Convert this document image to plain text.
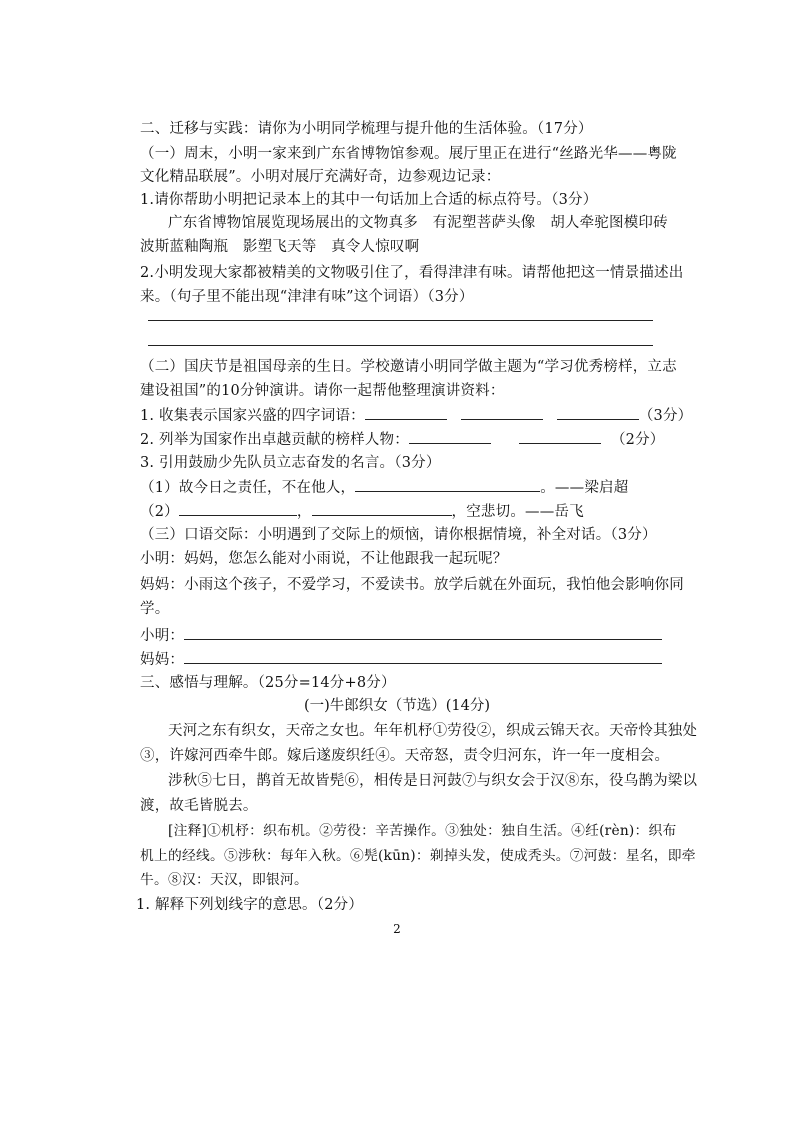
二、迁移与实践：请你为小明同学梳理与提升他的生活体验。（17分）
（一）周末，小明一家来到广东省博物馆参观。展厅里正在进行“丝路光华——粤陇
文化精品联展”。小明对展厅充满好奇，边参观边记录：
1.请你帮助小明把记录本上的其中一句话加上合适的标点符号。（3分）
广东省博物馆展览现场展出的文物真多　有泥塑菩萨头像　胡人牵驼图模印砖
波斯蓝釉陶瓶　影塑飞天等　真令人惊叹啊
2.小明发现大家都被精美的文物吸引住了，看得津津有味。请帮他把这一情景描述出
来。（句子里不能出现“津津有味”这个词语）（3分）
（二）国庆节是祖国母亲的生日。学校邀请小明同学做主题为“学习优秀榜样，立志
建设祖国”的10分钟演讲。请你一起帮他整理演讲资料：
1. 收集表示国家兴盛的四字词语：	（3分）
2. 列举为国家作出卓越贡献的榜样人物：	（2分）
3. 引用鼓励少先队员立志奋发的名言。（3分）
（1）故今日之责任，不在他人，	。——梁启超
（2）	，	，空悲切。——岳飞
（三）口语交际：小明遇到了交际上的烦恼，请你根据情境，补全对话。（3分）
小明：妈妈，您怎么能对小雨说，不让他跟我一起玩呢？
妈妈：小雨这个孩子，不爱学习，不爱读书。放学后就在外面玩，我怕他会影响你同
学。
小明：
妈妈：
三、感悟与理解。（25分=14分+8分）
(一)牛郎织女（节选）(14分)
天河之东有织女，天帝之女也。年年机杼①劳役②，织成云锦天衣。天帝怜其独处
③，许嫁河西牵牛郎。嫁后遂废织纴④。天帝怒，责令归河东，许一年一度相会。
涉秋⑤七日，鹊首无故皆髡⑥，相传是日河鼓⑦与织女会于汉⑧东，役乌鹊为梁以
渡，故毛皆脱去。
[注释]①机杼：织布机。②劳役：辛苦操作。③独处：独自生活。④纴(rèn)：织布
机上的经线。⑤涉秋：每年入秋。⑥髡(kūn)：剃掉头发，使成秃头。⑦河鼓：星名，即牵
牛。⑧汉：天汉，即银河。
1. 解释下列划线字的意思。（2分）
2
